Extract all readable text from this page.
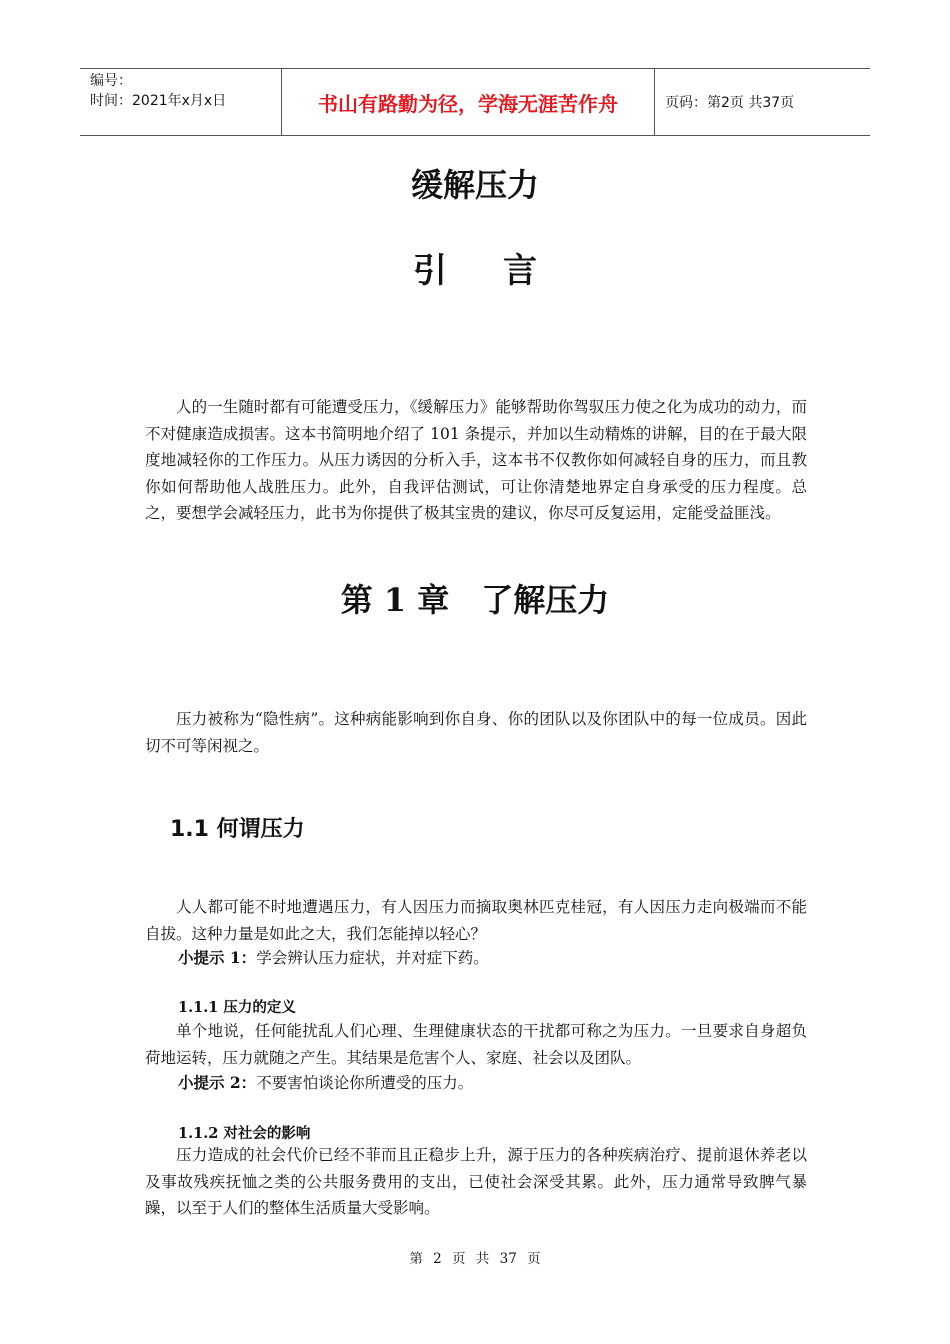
编号：
时间：2021年x月x日	书山有路勤为径，学海无涯苦作舟	页码：第2页 共37页
缓解压力
引言

人的一生随时都有可能遭受压力，《缓解压力》能够帮助你驾驭压力使之化为成功的动力，而不对健康造成损害。这本书简明地介绍了 101 条提示，并加以生动精炼的讲解，目的在于最大限度地减轻你的工作压力。从压力诱因的分析入手，这本书不仅教你如何减轻自身的压力，而且教你如何帮助他人战胜压力。此外，自我评估测试，可让你清楚地界定自身承受的压力程度。总之，要想学会减轻压力，此书为你提供了极其宝贵的建议，你尽可反复运用，定能受益匪浅。

第 1 章　了解压力

压力被称为“隐性病”。这种病能影响到你自身、你的团队以及你团队中的每一位成员。因此切不可等闲视之。

1.1 何谓压力

人人都可能不时地遭遇压力，有人因压力而摘取奥林匹克桂冠，有人因压力走向极端而不能自拔。这种力量是如此之大，我们怎能掉以轻心？

小提示 1：学会辨认压力症状，并对症下药。
1.1.1 压力的定义

单个地说，任何能扰乱人们心理、生理健康状态的干扰都可称之为压力。一旦要求自身超负荷地运转，压力就随之产生。其结果是危害个人、家庭、社会以及团队。

小提示 2：不要害怕谈论你所遭受的压力。
1.1.2 对社会的影响

压力造成的社会代价已经不菲而且正稳步上升，源于压力的各种疾病治疗、提前退休养老以及事故残疾抚恤之类的公共服务费用的支出，已使社会深受其累。此外，压力通常导致脾气暴躁，以至于人们的整体生活质量大受影响。

第 2 页 共 37 页
